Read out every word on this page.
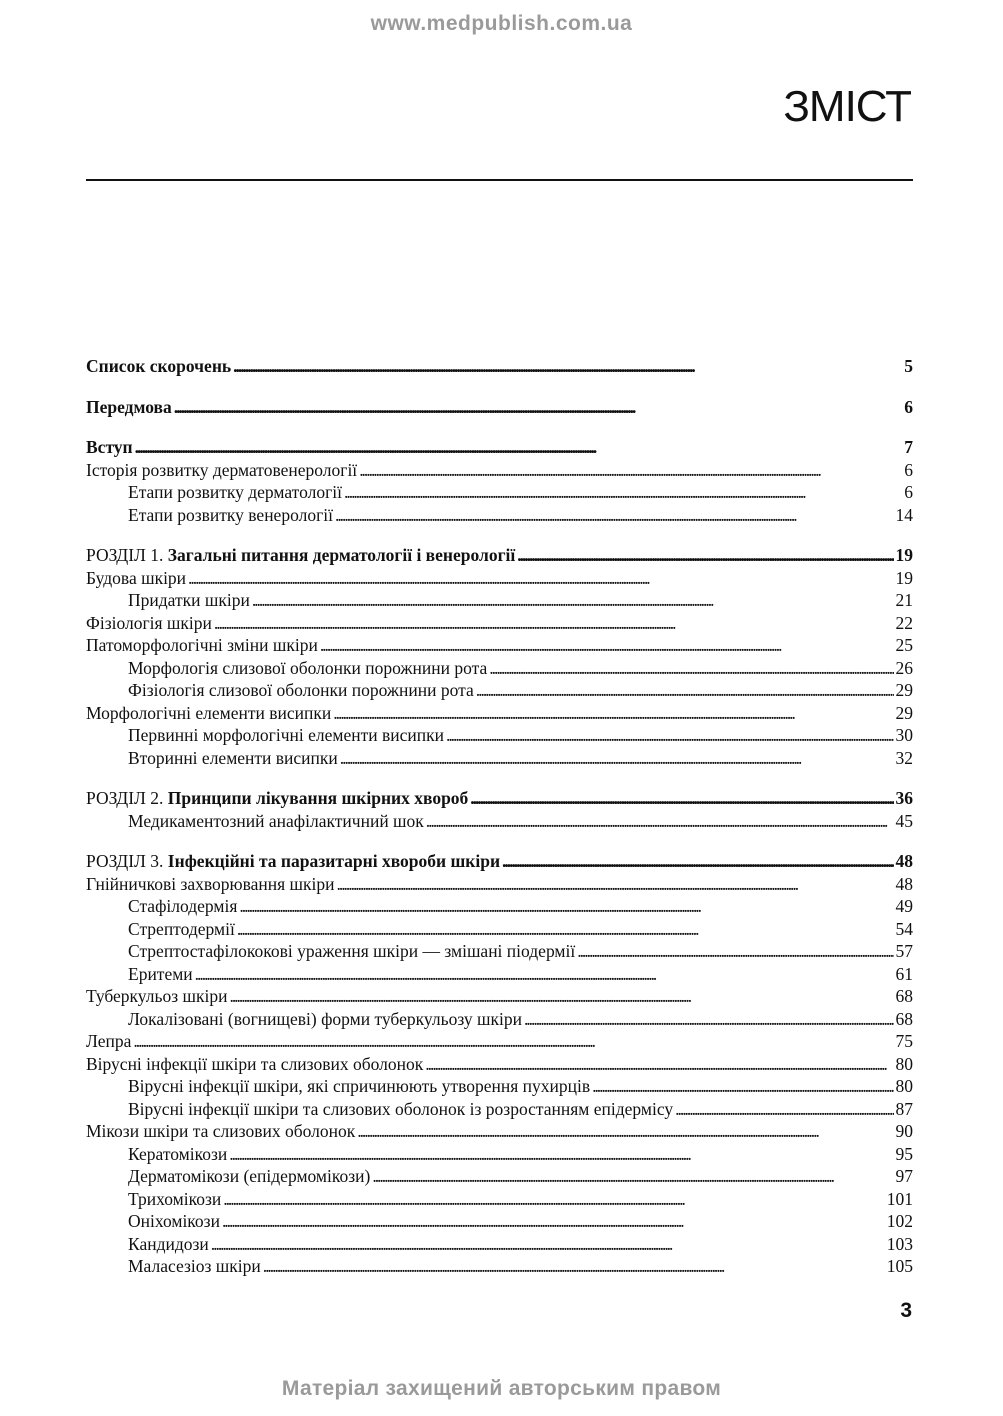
www.medpublish.com.ua
ЗМІСТ
Список скорочень . . .	5
Передмова . . .	6
Вступ . . .	7
Історія розвитку дерматовенерології . . .	6
Етапи розвитку дерматології . . .	6
Етапи розвитку венерології . . .	14
РОЗДІЛ 1. Загальні питання дерматології і венерології . . .	19
Будова шкіри . . .	19
Придатки шкіри . . .	21
Фізіологія шкіри . . .	22
Патоморфологічні зміни шкіри . . .	25
Морфологія слизової оболонки порожнини рота . . .	26
Фізіологія слизової оболонки порожнини рота . . .	29
Морфологічні елементи висипки . . .	29
Первинні морфологічні елементи висипки . . .	30
Вторинні елементи висипки . . .	32
РОЗДІЛ 2. Принципи лікування шкірних хвороб . . .	36
Медикаментозний анафілактичний шок . . .	45
РОЗДІЛ 3. Інфекційні та паразитарні хвороби шкіри . . .	48
Гнійничкові захворювання шкіри . . .	48
Стафілодермія . . .	49
Стрептодермії . . .	54
Стрептостафілококові ураження шкіри — змішані піодермії . . .	57
Еритеми . . .	61
Туберкульоз шкіри . . .	68
Локалізовані (вогнищеві) форми туберкульозу шкіри . . .	68
Лепра . . .	75
Вірусні інфекції шкіри та слизових оболонок . . .	80
Вірусні інфекції шкіри, які спричинюють утворення пухирців . . .	80
Вірусні інфекції шкіри та слизових оболонок із розростанням епідермісу . . .	87
Мікози шкіри та слизових оболонок . . .	90
Кератомікози . . .	95
Дерматомікози (епідермомікози) . . .	97
Трихомікози . . .	101
Оніхомікози . . .	102
Кандидози . . .	103
Маласезіоз шкіри . . .	105
3
Матеріал захищений авторським правом
